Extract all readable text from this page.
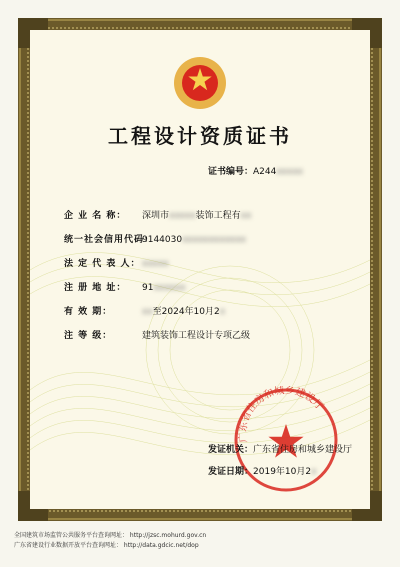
工程设计资质证书
证书编号：A244xxxxx
企 业 名 称： 深圳市xxxxx装饰工程有xx
统一社会信用代码：9144030xxxxxxxxxxxx
法 定 代 表 人：xxxxx
注 册 地 址： 91xxxxxx
有 效 期：	xx至2024年10月2x
注 等 级：	建筑装饰工程设计专项乙级
广东省住房和城乡建设厅
发证机关：广东省住房和城乡建设厅
发证日期：2019年10月2x
全国建筑市场监管公共服务平台查询网址： http://jzsc.mohurd.gov.cn
广东省建设行业数据开放平台查询网址： http://data.gdcic.net/dop
